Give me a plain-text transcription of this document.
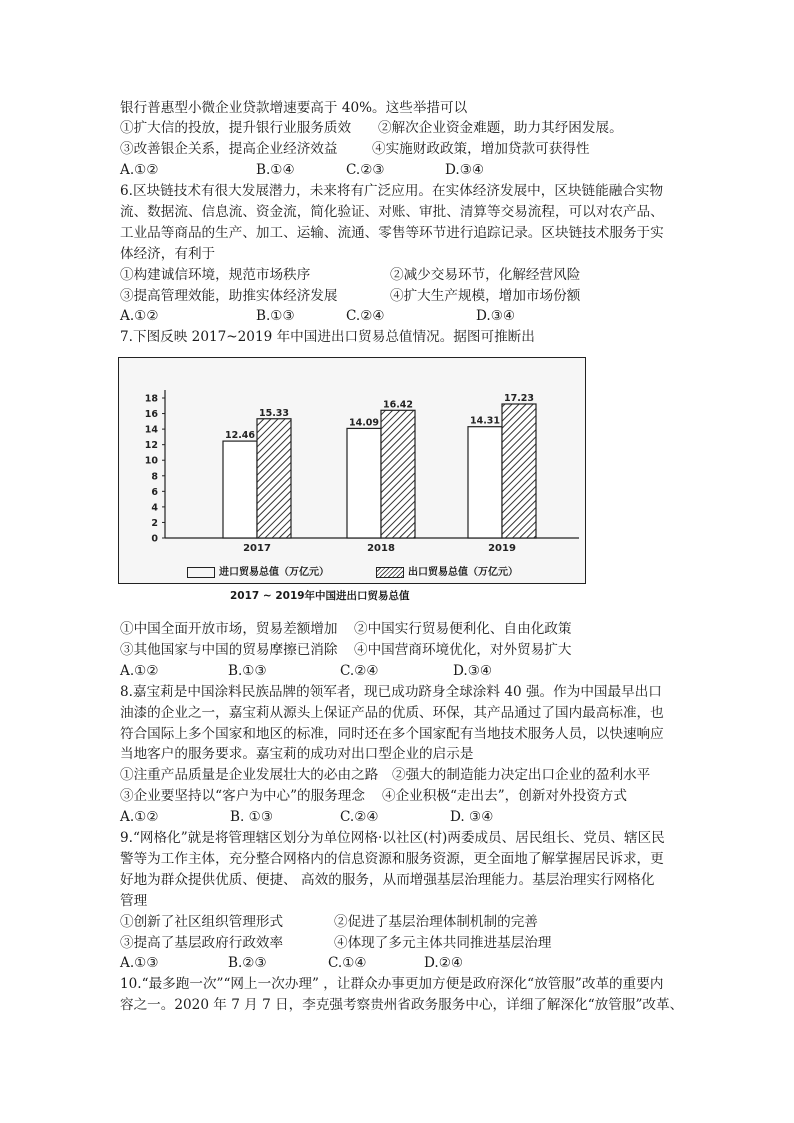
银行普惠型小微企业贷款增速要高于 40%。这些举措可以
①扩大信的投放，提升银行业服务质效 ②解次企业资金难题，助力其纾困发展。
③改善银企关系，提高企业经济效益	④实施财政政策，增加贷款可获得性
A.①②	B.①④	C.②③	D.③④
6.区块链技术有很大发展潜力，未来将有广泛应用。在实体经济发展中，区块链能融合实物
流、数据流、信息流、资金流，简化验证、对账、审批、清算等交易流程，可以对农产品、
工业品等商品的生产、加工、运输、流通、零售等环节进行追踪记录。区块链技术服务于实
体经济，有利于
①构建诚信环境，规范市场秩序	②减少交易环节，化解经营风险
③提高管理效能，助推实体经济发展	④扩大生产规模，增加市场份额
A.①②	B.①③	C.②④	D.③④
7.下图反映 2017~2019 年中国进出口贸易总值情况。据图可推断出
0
2
4
6
8
10
12
14
16
18
12.46
15.33
2017
14.09
16.42
2018
14.31
17.23
2019
进口贸易总值（万亿元）	出口贸易总值（万亿元）
2017 ~ 2019年中国进出口贸易总值
①中国全面开放市场，贸易差额增加 ②中国实行贸易便利化、自由化政策
③其他国家与中国的贸易摩擦已消除 ④中国营商环境优化，对外贸易扩大
A.①②	B.①③	C.②④	D.③④
8.嘉宝莉是中国涂料民族品牌的领军者，现已成功跻身全球涂料 40 强。作为中国最早出口
油漆的企业之一，嘉宝莉从源头上保证产品的优质、环保，其产品通过了国内最高标准，也
符合国际上多个国家和地区的标准，同时还在多个国家配有当地技术服务人员，以快速响应
当地客户的服务要求。嘉宝莉的成功对出口型企业的启示是
①注重产品质量是企业发展壮大的必由之路 ②强大的制造能力决定出口企业的盈利水平
③企业要坚持以“客户为中心”的服务理念 ④企业积极“走出去”，创新对外投资方式
A.①②	B. ①③	C.②④	D. ③④
9.“网格化”就是将管理辖区划分为单位网格·以社区(村)两委成员、居民组长、党员、辖区民
警等为工作主体，充分整合网格内的信息资源和服务资源，更全面地了解掌握居民诉求，更
好地为群众提供优质、便捷、 高效的服务，从而增强基层治理能力。基层治理实行网格化
管理
①创新了社区组织管理形式	②促进了基层治理体制机制的完善
③提高了基层政府行政效率	④体现了多元主体共同推进基层治理
A.①③	B.②③	C.①④	D.②④
10.“最多跑一次”“网上一次办理” ，让群众办事更加方便是政府深化“放管服”改革的重要内
容之一。2020 年 7 月 7 日，李克强考察贵州省政务服务中心，详细了解深化“放管服”改革、
